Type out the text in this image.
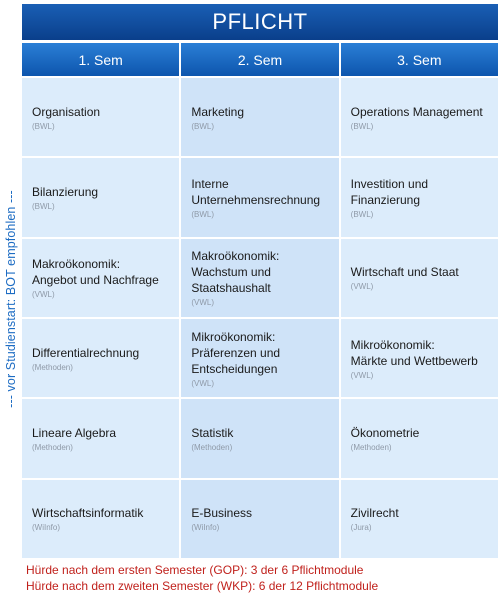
--- vor Studienstart: BOT empfohlen ---
PFLICHT
1. Sem	2. Sem	3. Sem
Organisation
(BWL)
Marketing
(BWL)
Operations Management
(BWL)
Bilanzierung
(BWL)
Interne
Unternehmensrechnung
(BWL)
Investition und
Finanzierung
(BWL)
Makroökonomik:
Angebot und Nachfrage
(VWL)
Makroökonomik:
Wachstum und
Staatshaushalt
(VWL)
Wirtschaft und Staat
(VWL)
Differentialrechnung
(Methoden)
Mikroökonomik:
Präferenzen und
Entscheidungen
(VWL)
Mikroökonomik:
Märkte und Wettbewerb
(VWL)
Lineare Algebra
(Methoden)
Statistik
(Methoden)
Ökonometrie
(Methoden)
Wirtschaftsinformatik
(WiInfo)
E-Business
(WiInfo)
Zivilrecht
(Jura)
Hürde nach dem ersten Semester (GOP): 3 der 6 Pflichtmodule
Hürde nach dem zweiten Semester (WKP): 6 der 12 Pflichtmodule
